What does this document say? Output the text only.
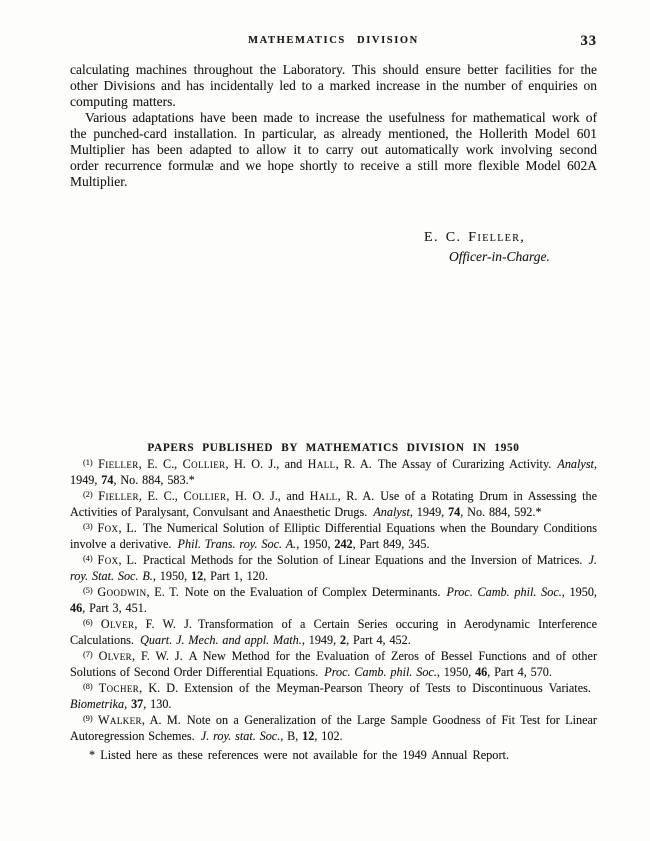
MATHEMATICS DIVISION	33

calculating machines throughout the Laboratory. This should ensure better facilities for the other Divisions and has incidentally led to a marked increase in the number of enquiries on computing matters.

Various adaptations have been made to increase the usefulness for mathematical work of the punched-card installation. In particular, as already mentioned, the Hollerith Model 601 Multiplier has been adapted to allow it to carry out automatically work involving second order recurrence formulæ and we hope shortly to receive a still more flexible Model 602A Multiplier.

E. C. Fieller,
Officer-in-Charge.
PAPERS PUBLISHED BY MATHEMATICS DIVISION IN 1950

$^{(1)}$ Fieller, E. C., Collier, H. O. J., and Hall, R. A. The Assay of Curarizing Activity. Analyst, 1949, 74, No. 884, 583.*

$^{(2)}$ Fieller, E. C., Collier, H. O. J., and Hall, R. A. Use of a Rotating Drum in Assessing the Activities of Paralysant, Convulsant and Anaesthetic Drugs. Analyst, 1949, 74, No. 884, 592.*

$^{(3)}$ Fox, L. The Numerical Solution of Elliptic Differential Equations when the Boundary Conditions involve a derivative. Phil. Trans. roy. Soc. A., 1950, 242, Part 849, 345.

$^{(4)}$ Fox, L. Practical Methods for the Solution of Linear Equations and the Inversion of Matrices. J. roy. Stat. Soc. B., 1950, 12, Part 1, 120.

$^{(5)}$ Goodwin, E. T. Note on the Evaluation of Complex Determinants. Proc. Camb. phil. Soc., 1950, 46, Part 3, 451.

$^{(6)}$ Olver, F. W. J. Transformation of a Certain Series occuring in Aerodynamic Interference Calculations. Quart. J. Mech. and appl. Math., 1949, 2, Part 4, 452.

$^{(7)}$ Olver, F. W. J. A New Method for the Evaluation of Zeros of Bessel Functions and of other Solutions of Second Order Differential Equations. Proc. Camb. phil. Soc., 1950, 46, Part 4, 570.

$^{(8)}$ Tocher, K. D. Extension of the Meyman-Pearson Theory of Tests to Discontinuous Variates. Biometrika, 37, 130.

$^{(9)}$ Walker, A. M. Note on a Generalization of the Large Sample Goodness of Fit Test for Linear Autoregression Schemes. J. roy. stat. Soc., B, 12, 102.

* Listed here as these references were not available for the 1949 Annual Report.
